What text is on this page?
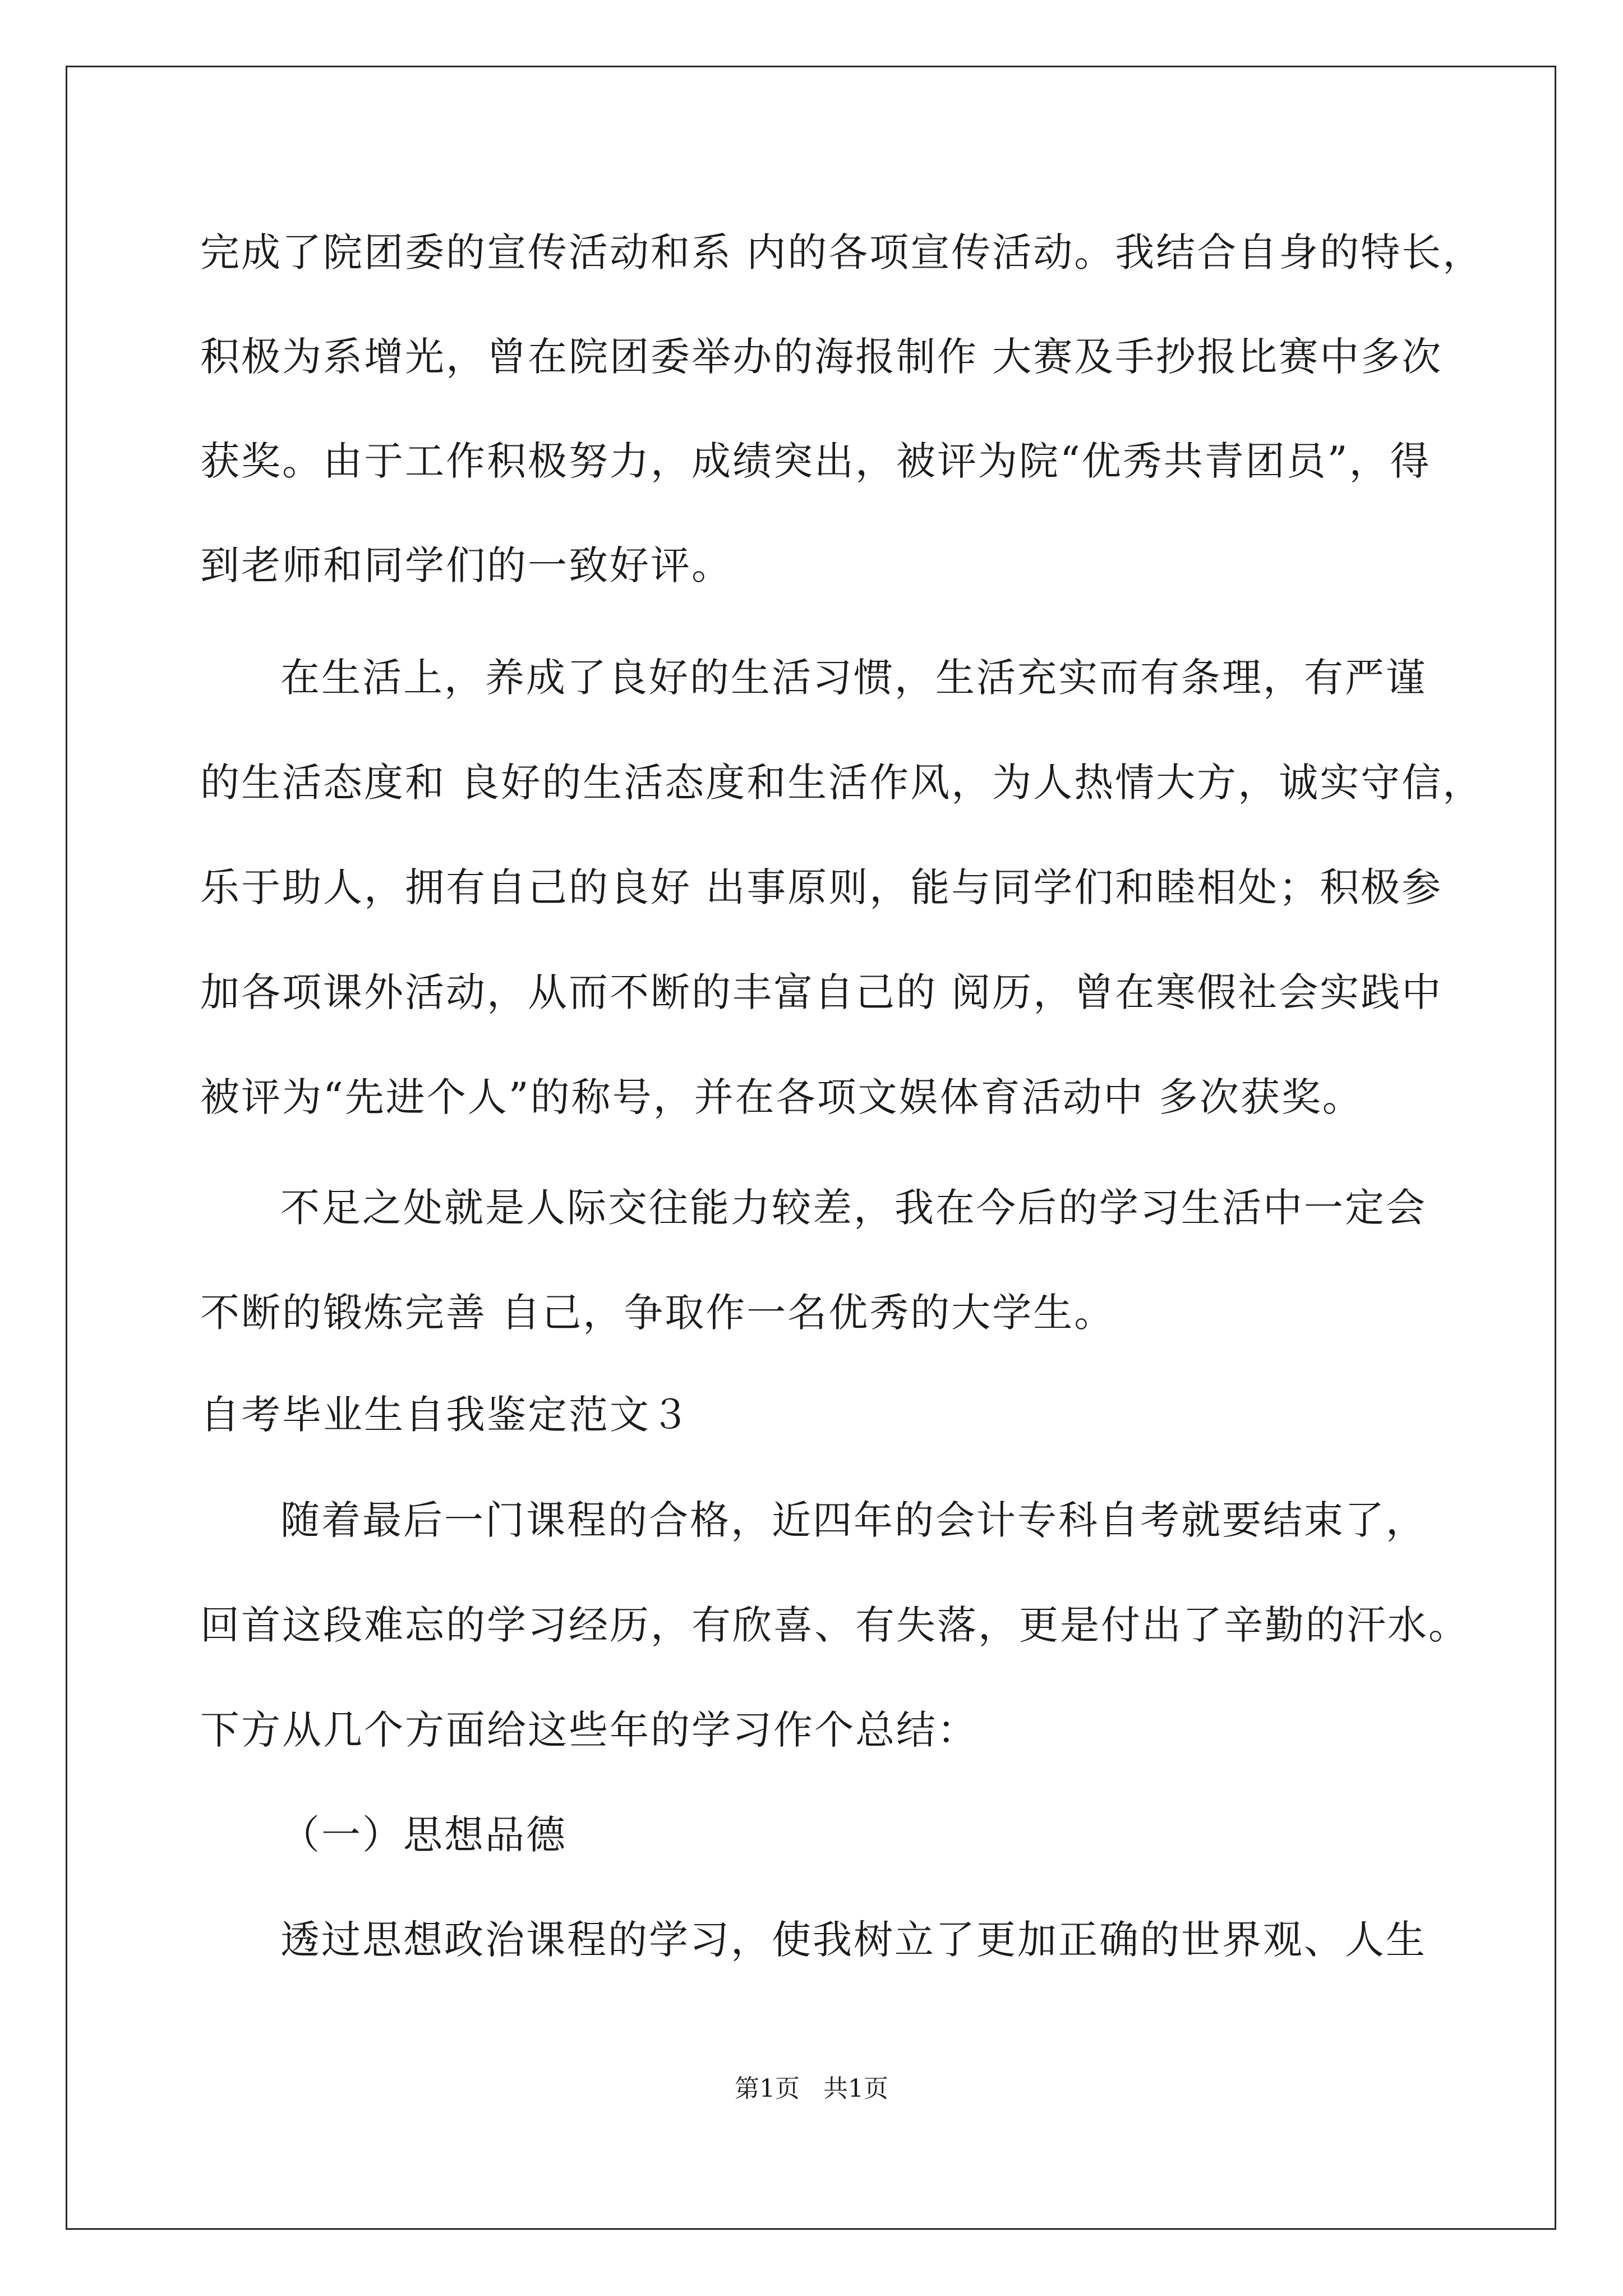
完成了院团委的宣传活动和系 内的各项宣传活动。我结合自身的特长，
积极为系增光，曾在院团委举办的海报制作 大赛及手抄报比赛中多次
获奖。由于工作积极努力，成绩突出，被评为院“优秀共青团员”，得
到老师和同学们的一致好评。
在生活上，养成了良好的生活习惯，生活充实而有条理，有严谨
的生活态度和 良好的生活态度和生活作风，为人热情大方，诚实守信，
乐于助人，拥有自己的良好 出事原则，能与同学们和睦相处；积极参
加各项课外活动，从而不断的丰富自己的 阅历，曾在寒假社会实践中
被评为“先进个人”的称号，并在各项文娱体育活动中 多次获奖。
不足之处就是人际交往能力较差，我在今后的学习生活中一定会
不断的锻炼完善 自己，争取作一名优秀的大学生。
自考毕业生自我鉴定范文３
随着最后一门课程的合格，近四年的会计专科自考就要结束了，
回首这段难忘的学习经历，有欣喜、有失落，更是付出了辛勤的汗水。
下方从几个方面给这些年的学习作个总结：
（一）思想品德
透过思想政治课程的学习，使我树立了更加正确的世界观、人生
第1页 共1页
